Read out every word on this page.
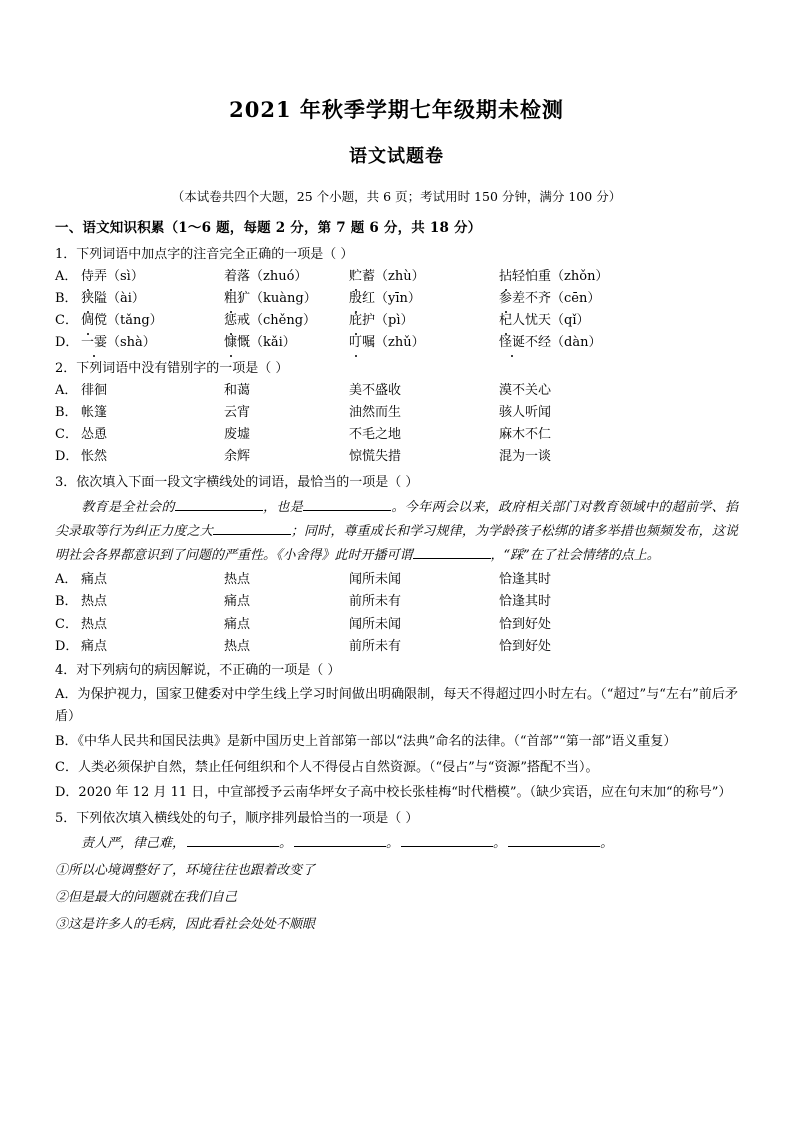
2021 年秋季学期七年级期未检测
语文试题卷

（本试卷共四个大题，25 个小题，共 6 页；考试用时 150 分钟，满分 100 分）

一、语文知识积累（1～6 题，每题 2 分，第 7 题 6 分，共 18 分）

1．下列词语中加点字的注音完全正确的一项是（ ）

A． 侍弄（sì）	着落（zhuó）	贮蓄（zhù）	拈轻怕重（zhǒn）
B． 狭隘（ài）	粗犷（kuàng）	殷红（yīn）	参差不齐（cēn）
C． 倜傥（tǎng）	惩戒（chěng）	庇护（pì）	杞人忧天（qǐ）
D． 一霎（shà）	慷慨（kǎi）	叮嘱（zhǔ）	怪诞不经（dàn）

2．下列词语中没有错别字的一项是（ ）

A． 徘徊	和蔼	美不盛收	漠不关心
B． 帐篷	云宵	油然而生	骇人听闻
C． 怂恿	废墟	不毛之地	麻木不仁
D． 怅然	余辉	惊慌失措	混为一谈

3．依次填入下面一段文字横线处的词语，最恰当的一项是（ ）

教育是全社会的	，也是	。今年两会以来，政府相关部门对教育领域中的超前学、掐尖录取等行为纠正力度之大	；同时，尊重成长和学习规律，为学龄孩子松绑的诸多举措也频频发布，这说明社会各界都意识到了问题的严重性。《小舍得》此时开播可谓	，“踩”在了社会情绪的点上。

A． 痛点	热点	闻所未闻	恰逢其时
B． 热点	痛点	前所未有	恰逢其时
C． 热点	痛点	闻所未闻	恰到好处
D． 痛点	热点	前所未有	恰到好处

4．对下列病句的病因解说，不正确的一项是（ ）

A．为保护视力，国家卫健委对中学生线上学习时间做出明确限制，每天不得超过四小时左右。（“超过”与“左右”前后矛盾）

B．《中华人民共和国民法典》是新中国历史上首部第一部以“法典”命名的法律。（“首部”“第一部”语义重复）

C．人类必须保护自然，禁止任何组织和个人不得侵占自然资源。（“侵占”与“资源”搭配不当）。

D．2020 年 12 月 11 日，中宣部授予云南华坪女子高中校长张桂梅“时代楷模”。（缺少宾语，应在句末加“的称号”）

5．下列依次填入横线处的句子，顺序排列最恰当的一项是（ ）

责人严，律己难，	。	。	。	。

①所以心境调整好了，环境往往也跟着改变了

②但是最大的问题就在我们自己

③这是许多人的毛病，因此看社会处处不顺眼
